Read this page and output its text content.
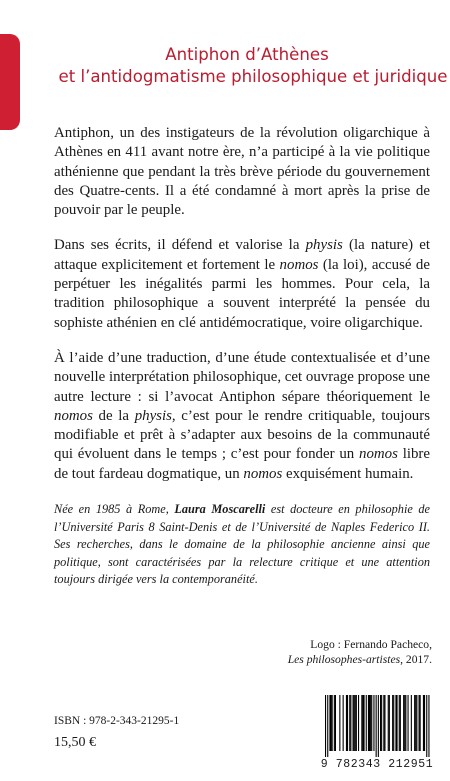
Antiphon d’Athènes
et l’antidogmatisme philosophique et juridique

Antiphon, un des instigateurs de la révolution oligarchique à Athènes en 411 avant notre ère, n’a participé à la vie politique athénienne que pendant la très brève période du gouvernement des Quatre-cents. Il a été condamné à mort après la prise de pouvoir par le peuple.

Dans ses écrits, il défend et valorise la physis (la nature) et attaque explicitement et fortement le nomos (la loi), accusé de perpétuer les inégalités parmi les hommes. Pour cela, la tradition philosophique a souvent interprété la pensée du sophiste athénien en clé antidémocratique, voire oligarchique.

À l’aide d’une traduction, d’une étude contextualisée et d’une nouvelle interprétation philosophique, cet ouvrage propose une autre lecture : si l’avocat Antiphon sépare théoriquement le nomos de la physis, c’est pour le rendre critiquable, toujours modifiable et prêt à s’adapter aux besoins de la communauté qui évoluent dans le temps ; c’est pour fonder un nomos libre de tout fardeau dogmatique, un nomos exquisément humain.

Née en 1985 à Rome, Laura Moscarelli est docteure en philosophie de l’Université Paris 8 Saint-Denis et de l’Université de Naples Federico II. Ses recherches, dans le domaine de la philosophie ancienne ainsi que politique, sont caractérisées par la relecture critique et une attention toujours dirigée vers la contemporanéité.
Logo : Fernando Pacheco,
Les philosophes-artistes, 2017.
ISBN : 978-2-343-21295-1
15,50 €
9 782343 212951
